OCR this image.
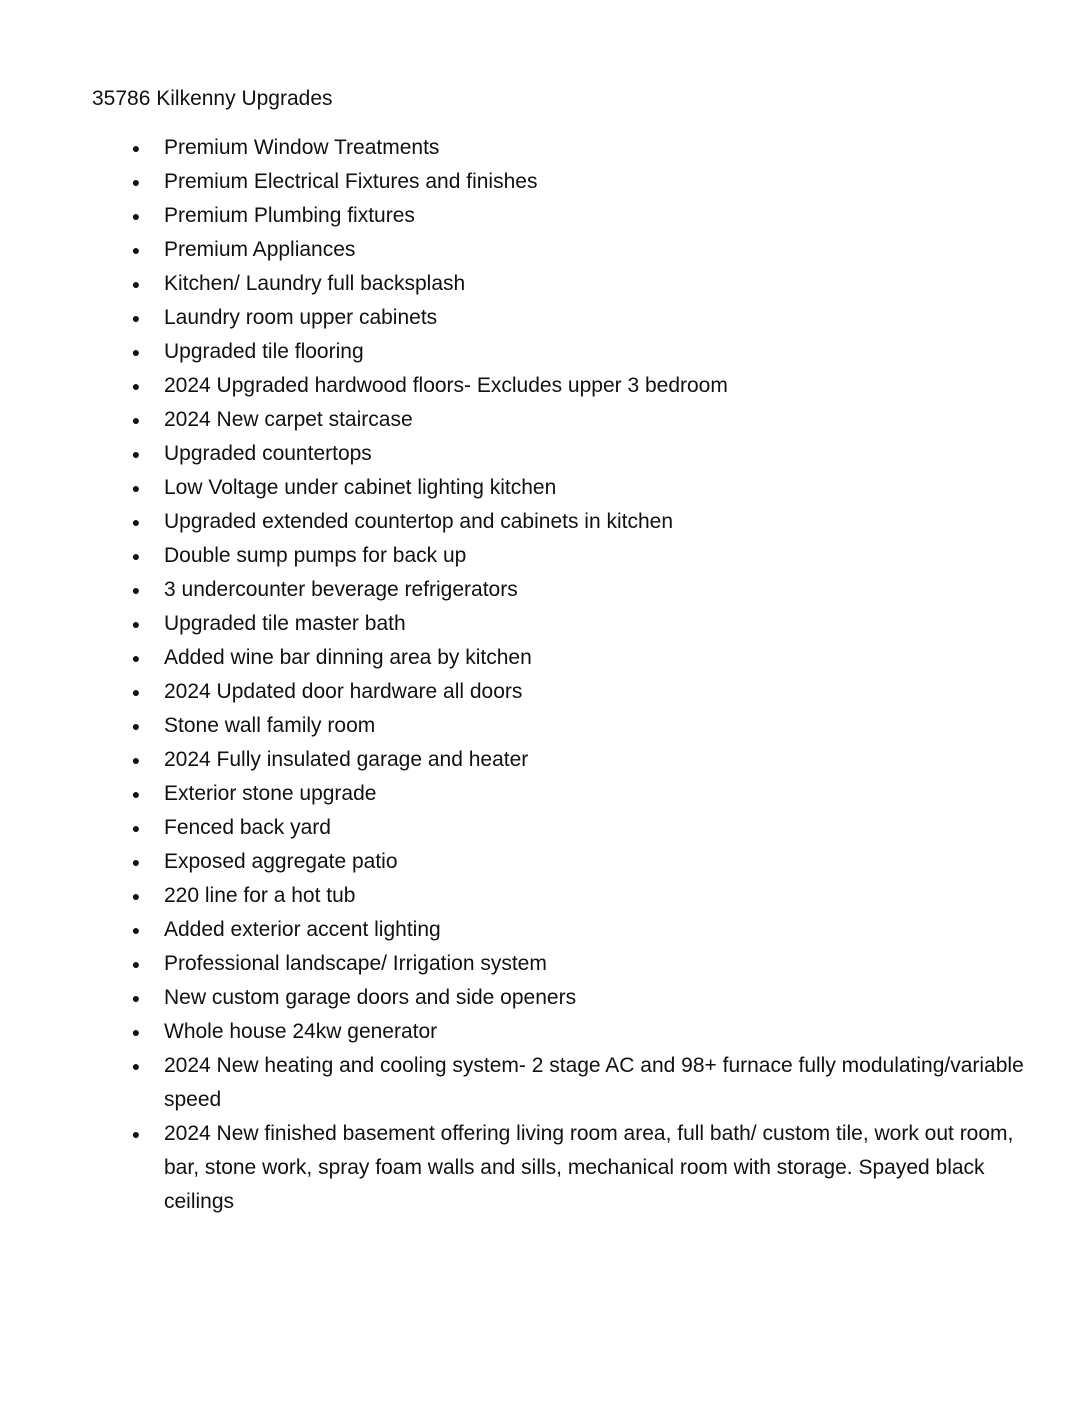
35786 Kilkenny Upgrades
● Premium Window Treatments
● Premium Electrical Fixtures and finishes
● Premium Plumbing fixtures
● Premium Appliances
● Kitchen/ Laundry full backsplash
● Laundry room upper cabinets
● Upgraded tile flooring
● 2024 Upgraded hardwood floors- Excludes upper 3 bedroom
● 2024 New carpet staircase
● Upgraded countertops
● Low Voltage under cabinet lighting kitchen
● Upgraded extended countertop and cabinets in kitchen
● Double sump pumps for back up
● 3 undercounter beverage refrigerators
● Upgraded tile master bath
● Added wine bar dinning area by kitchen
● 2024 Updated door hardware all doors
● Stone wall family room
● 2024 Fully insulated garage and heater
● Exterior stone upgrade
● Fenced back yard
● Exposed aggregate patio
● 220 line for a hot tub
● Added exterior accent lighting
● Professional landscape/ Irrigation system
● New custom garage doors and side openers
● Whole house 24kw generator
● 2024 New heating and cooling system- 2 stage AC and 98+ furnace fully modulating/variable speed
● 2024 New finished basement offering living room area, full bath/ custom tile, work out room, bar, stone work, spray foam walls and sills, mechanical room with storage. Spayed black ceilings
